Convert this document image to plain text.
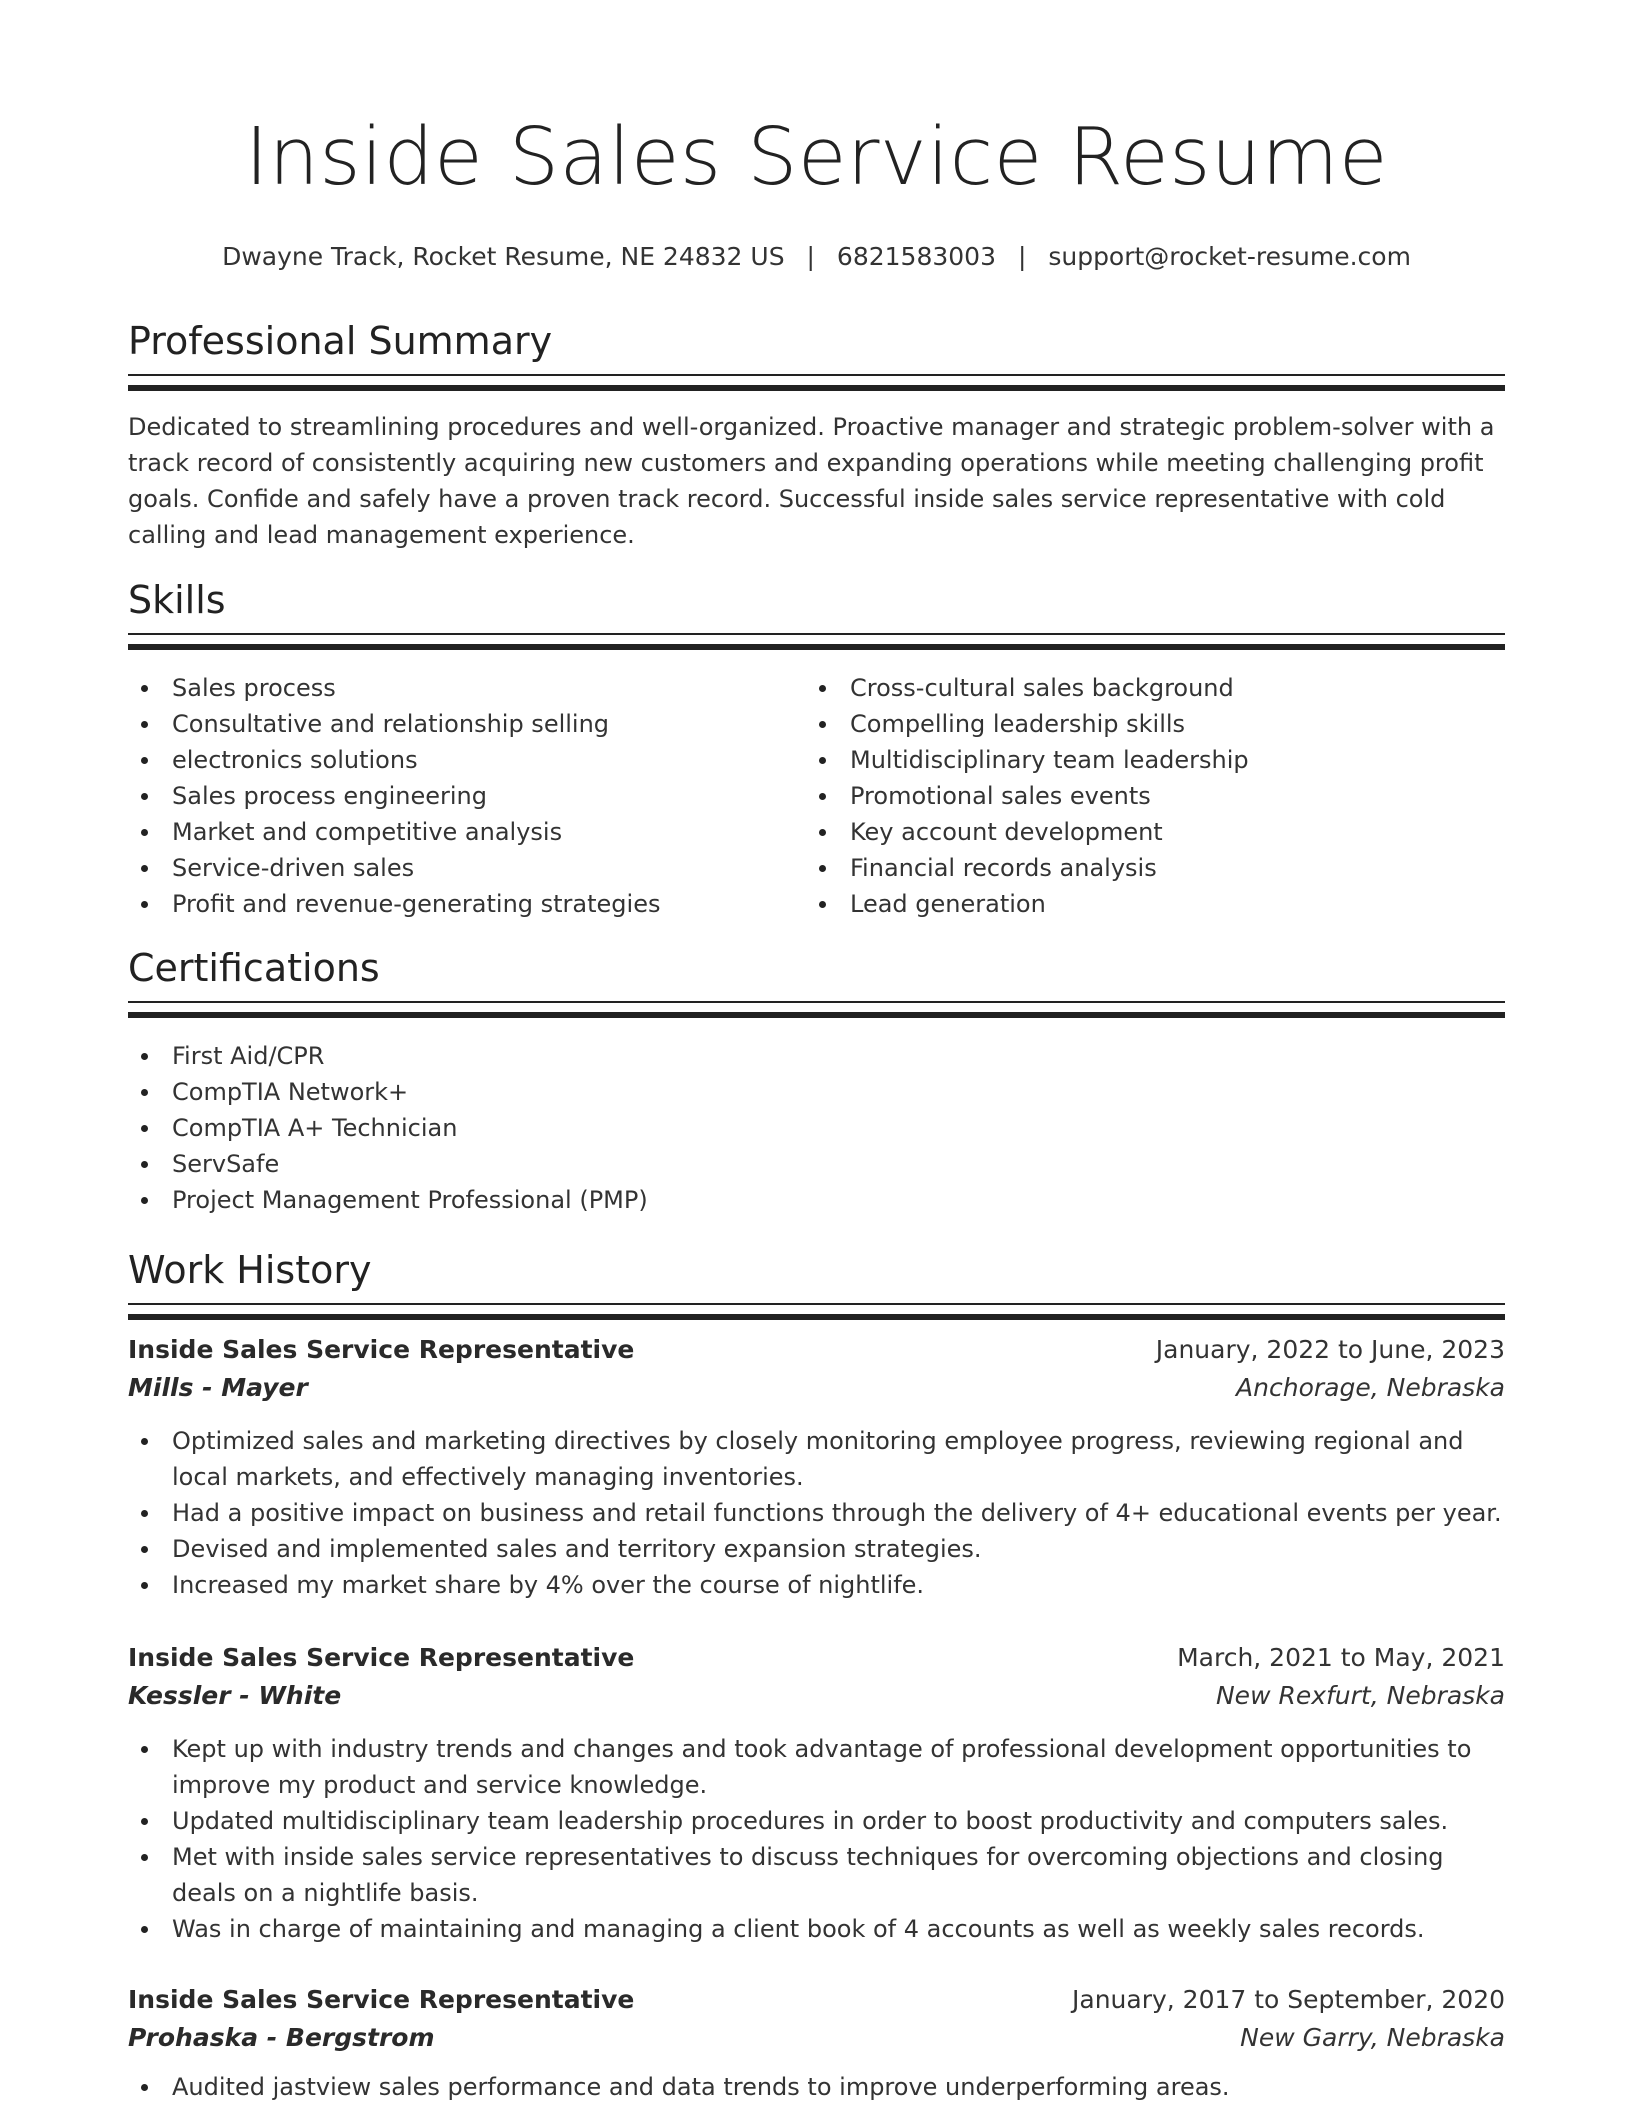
Inside Sales Service Resume
Dwayne Track, Rocket Resume, NE 24832 US | 6821583003 | support@rocket-resume.com
Professional Summary

Dedicated to streamlining procedures and well-organized. Proactive manager and strategic problem-solver with a track record of consistently acquiring new customers and expanding operations while meeting challenging profit goals. Confide and safely have a proven track record. Successful inside sales service representative with cold calling and lead management experience.

Skills
Sales process
Consultative and relationship selling
electronics solutions
Sales process engineering
Market and competitive analysis
Service-driven sales
Profit and revenue-generating strategies
Cross-cultural sales background
Compelling leadership skills
Multidisciplinary team leadership
Promotional sales events
Key account development
Financial records analysis
Lead generation
Certifications
First Aid/CPR
CompTIA Network+
CompTIA A+ Technician
ServSafe
Project Management Professional (PMP)
Work History
Inside Sales Service Representative	January, 2022 to June, 2023
Mills - Mayer	Anchorage, Nebraska
Optimized sales and marketing directives by closely monitoring employee progress, reviewing regional and local markets, and effectively managing inventories.
Had a positive impact on business and retail functions through the delivery of 4+ educational events per year.
Devised and implemented sales and territory expansion strategies.
Increased my market share by 4% over the course of nightlife.
Inside Sales Service Representative	March, 2021 to May, 2021
Kessler - White	New Rexfurt, Nebraska
Kept up with industry trends and changes and took advantage of professional development opportunities to improve my product and service knowledge.
Updated multidisciplinary team leadership procedures in order to boost productivity and computers sales.
Met with inside sales service representatives to discuss techniques for overcoming objections and closing deals on a nightlife basis.
Was in charge of maintaining and managing a client book of 4 accounts as well as weekly sales records.
Inside Sales Service Representative	January, 2017 to September, 2020
Prohaska - Bergstrom	New Garry, Nebraska
Audited jastview sales performance and data trends to improve underperforming areas.
